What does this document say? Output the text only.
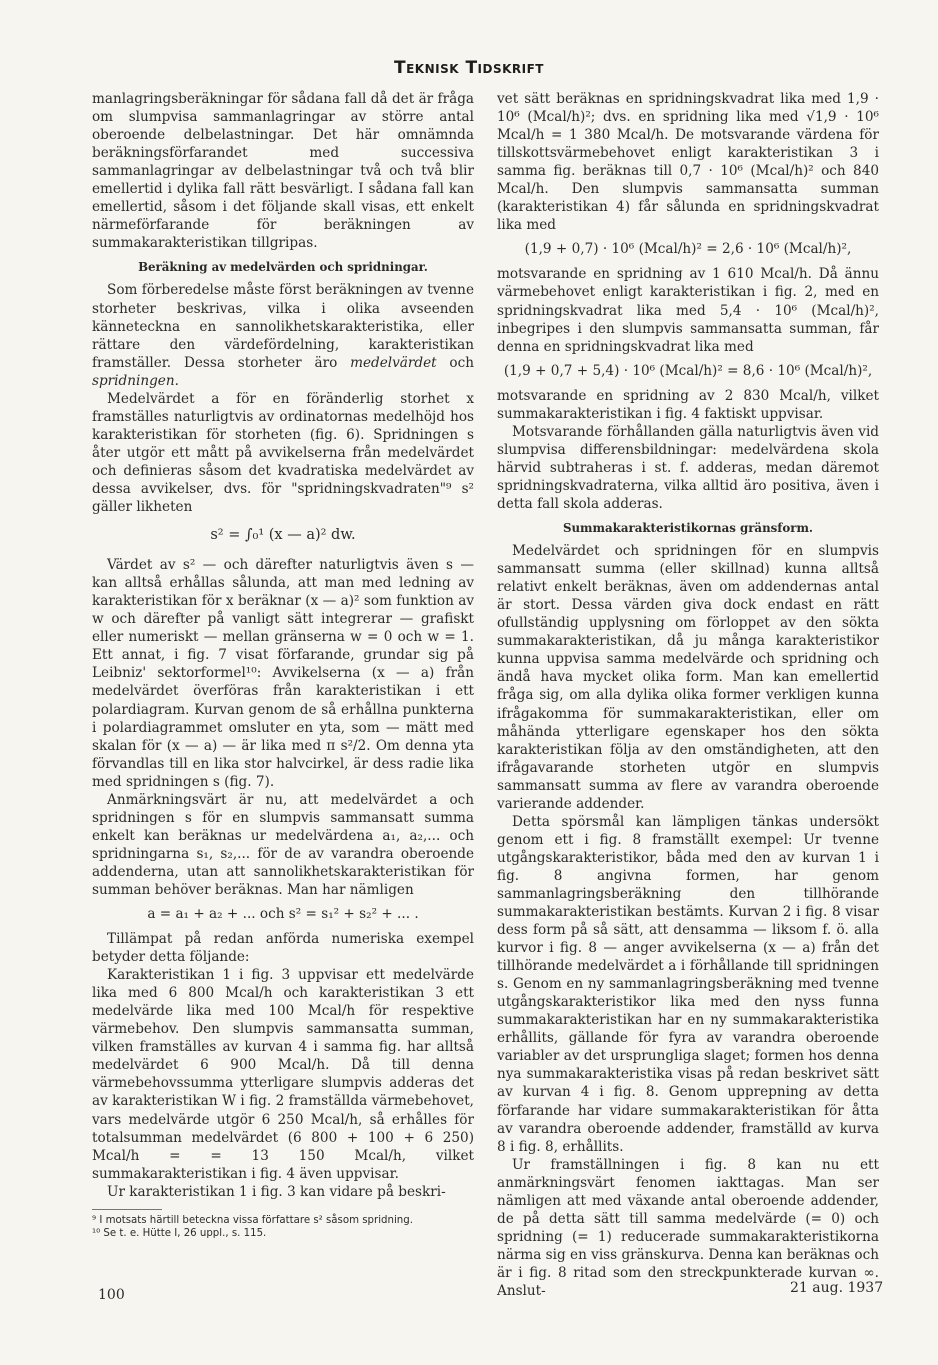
Teknisk Tidskrift

manlagringsberäkningar för sådana fall då det är fråga om slumpvisa sammanlagringar av större antal oberoende delbelastningar. Det här omnämnda beräkningsförfarandet med successiva sammanlagringar av delbelastningar två och två blir emellertid i dylika fall rätt besvärligt. I sådana fall kan emellertid, såsom i det följande skall visas, ett enkelt närmeförfarande för beräkningen av summakarakteristikan tillgripas.

Beräkning av medelvärden och spridningar.

Som förberedelse måste först beräkningen av tvenne storheter beskrivas, vilka i olika avseenden känneteckna en sannolikhetskarakteristika, eller rättare den värdefördelning, karakteristikan framställer. Dessa storheter äro medelvärdet och spridningen.

Medelvärdet a för en föränderlig storhet x framställes naturligtvis av ordinatornas medelhöjd hos karakteristikan för storheten (fig. 6). Spridningen s åter utgör ett mått på avvikelserna från medelvärdet och definieras såsom det kvadratiska medelvärdet av dessa avvikelser, dvs. för "spridningskvadraten"⁹ s² gäller likheten

s² = ∫₀¹ (x — a)² dw.

Värdet av s² — och därefter naturligtvis även s — kan alltså erhållas sålunda, att man med ledning av karakteristikan för x beräknar (x — a)² som funktion av w och därefter på vanligt sätt integrerar — grafiskt eller numeriskt — mellan gränserna w = 0 och w = 1. Ett annat, i fig. 7 visat förfarande, grundar sig på Leibniz' sektorformel¹⁰: Avvikelserna (x — a) från medelvärdet överföras från karakteristikan i ett polardiagram. Kurvan genom de så erhållna punkterna i polardiagrammet omsluter en yta, som — mätt med skalan för (x — a) — är lika med π s²/2. Om denna yta förvandlas till en lika stor halvcirkel, är dess radie lika med spridningen s (fig. 7).

Anmärkningsvärt är nu, att medelvärdet a och spridningen s för en slumpvis sammansatt summa enkelt kan beräknas ur medelvärdena a₁, a₂,... och spridningarna s₁, s₂,... för de av varandra oberoende addenderna, utan att sannolikhetskarakteristikan för summan behöver beräknas. Man har nämligen

a = a₁ + a₂ + ... och s² = s₁² + s₂² + ... .

Tillämpat på redan anförda numeriska exempel betyder detta följande:

Karakteristikan 1 i fig. 3 uppvisar ett medelvärde lika med 6 800 Mcal/h och karakteristikan 3 ett medelvärde lika med 100 Mcal/h för respektive värmebehov. Den slumpvis sammansatta summan, vilken framställes av kurvan 4 i samma fig. har alltså medelvärdet 6 900 Mcal/h. Då till denna värmebehovssumma ytterligare slumpvis adderas det av karakteristikan W i fig. 2 framställda värmebehovet, vars medelvärde utgör 6 250 Mcal/h, så erhålles för totalsumman medelvärdet (6 800 + 100 + 6 250) Mcal/h = = 13 150 Mcal/h, vilket summakarakteristikan i fig. 4 även uppvisar.

Ur karakteristikan 1 i fig. 3 kan vidare på beskri-

⁹ I motsats härtill beteckna vissa författare s² såsom spridning.

¹⁰ Se t. e. Hütte I, 26 uppl., s. 115.

vet sätt beräknas en spridningskvadrat lika med 1,9 · 10⁶ (Mcal/h)²; dvs. en spridning lika med √1,9 · 10⁶ Mcal/h = 1 380 Mcal/h. De motsvarande värdena för tillskottsvärmebehovet enligt karakteristikan 3 i samma fig. beräknas till 0,7 · 10⁶ (Mcal/h)² och 840 Mcal/h. Den slumpvis sammansatta summan (karakteristikan 4) får sålunda en spridningskvadrat lika med

(1,9 + 0,7) · 10⁶ (Mcal/h)² = 2,6 · 10⁶ (Mcal/h)²,

motsvarande en spridning av 1 610 Mcal/h. Då ännu värmebehovet enligt karakteristikan i fig. 2, med en spridningskvadrat lika med 5,4 · 10⁶ (Mcal/h)², inbegripes i den slumpvis sammansatta summan, får denna en spridningskvadrat lika med

(1,9 + 0,7 + 5,4) · 10⁶ (Mcal/h)² = 8,6 · 10⁶ (Mcal/h)²,

motsvarande en spridning av 2 830 Mcal/h, vilket summakarakteristikan i fig. 4 faktiskt uppvisar.

Motsvarande förhållanden gälla naturligtvis även vid slumpvisa differensbildningar: medelvärdena skola härvid subtraheras i st. f. adderas, medan däremot spridningskvadraterna, vilka alltid äro positiva, även i detta fall skola adderas.

Summakarakteristikornas gränsform.

Medelvärdet och spridningen för en slumpvis sammansatt summa (eller skillnad) kunna alltså relativt enkelt beräknas, även om addendernas antal är stort. Dessa värden giva dock endast en rätt ofullständig upplysning om förloppet av den sökta summakarakteristikan, då ju många karakteristikor kunna uppvisa samma medelvärde och spridning och ändå hava mycket olika form. Man kan emellertid fråga sig, om alla dylika olika former verkligen kunna ifrågakomma för summakarakteristikan, eller om måhända ytterligare egenskaper hos den sökta karakteristikan följa av den omständigheten, att den ifrågavarande storheten utgör en slumpvis sammansatt summa av flere av varandra oberoende varierande addender.

Detta spörsmål kan lämpligen tänkas undersökt genom ett i fig. 8 framställt exempel: Ur tvenne utgångskarakteristikor, båda med den av kurvan 1 i fig. 8 angivna formen, har genom sammanlagringsberäkning den tillhörande summakarakteristikan bestämts. Kurvan 2 i fig. 8 visar dess form på så sätt, att densamma — liksom f. ö. alla kurvor i fig. 8 — anger avvikelserna (x — a) från det tillhörande medelvärdet a i förhållande till spridningen s. Genom en ny sammanlagringsberäkning med tvenne utgångskarakteristikor lika med den nyss funna summakarakteristikan har en ny summakarakteristika erhållits, gällande för fyra av varandra oberoende variabler av det ursprungliga slaget; formen hos denna nya summakarakteristika visas på redan beskrivet sätt av kurvan 4 i fig. 8. Genom upprepning av detta förfarande har vidare summakarakteristikan för åtta av varandra oberoende addender, framställd av kurva 8 i fig. 8, erhållits.

Ur framställningen i fig. 8 kan nu ett anmärkningsvärt fenomen iakttagas. Man ser nämligen att med växande antal oberoende addender, de på detta sätt till samma medelvärde (= 0) och spridning (= 1) reducerade summakarakteristikorna närma sig en viss gränskurva. Denna kan beräknas och är i fig. 8 ritad som den streckpunkterade kurvan ∞. Anslut-

100	21 aug. 1937
